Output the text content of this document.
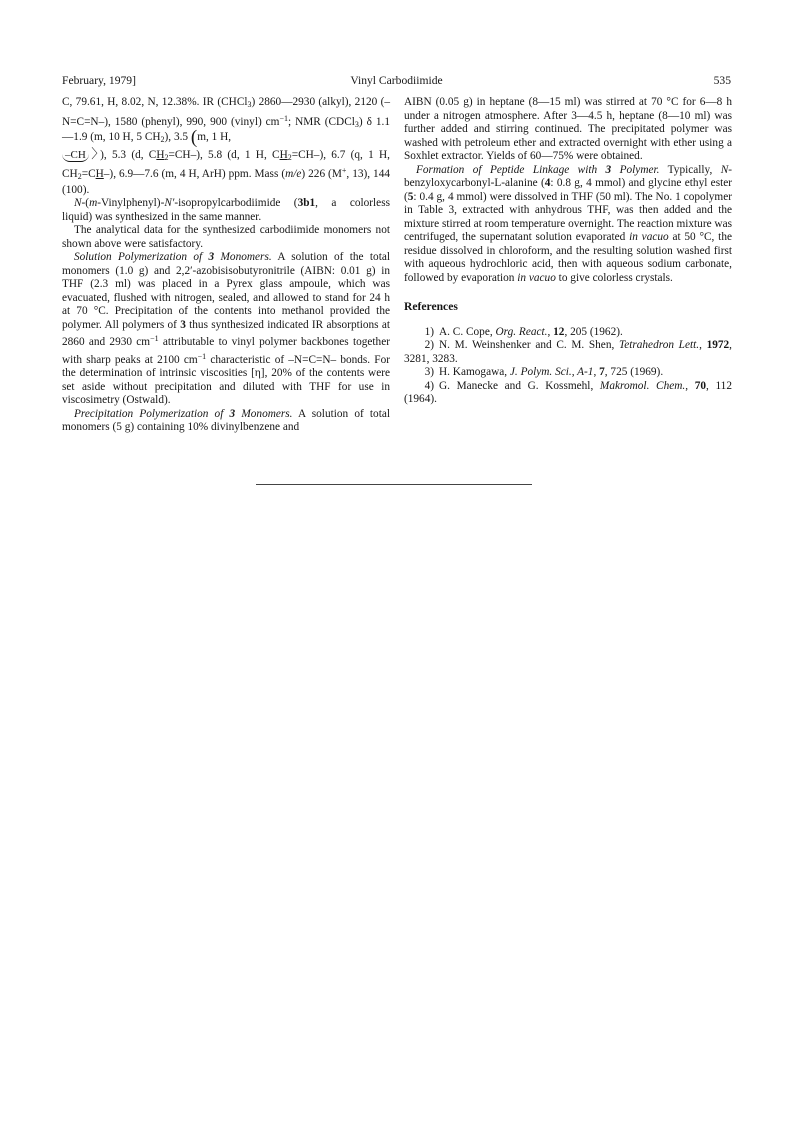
February, 1979]	Vinyl Carbodiimide	535

C, 79.61, H, 8.02, N, 12.38%. IR (CHCl$_3$) 2860—2930 (alkyl), 2120 (–N=C=N–), 1580 (phenyl), 990, 900 (vinyl) $cm^{-1}$; NMR (CDCl$_3$) δ 1.1—1.9 (m, 10 H, 5 $CH_2$), 3.5 (m, 1 H,
–CH 〉), 5.3 (d, $CH_2=CH-$), 5.8 (d, 1 H, $CH_2=CH-$), 6.7 (q, 1 H, $CH_2=CH-$), 6.9—7.6 (m, 4 H, ArH) ppm. Mass (m/e) 226 (M+, 13), 144 (100).

N-(m-Vinylphenyl)-N′-isopropylcarbodiimide (3b1, a colorless liquid) was synthesized in the same manner.

The analytical data for the synthesized carbodiimide monomers not shown above were satisfactory.

Solution Polymerization of 3 Monomers. A solution of the total monomers (1.0 g) and 2,2′-azobisisobutyronitrile (AIBN: 0.01 g) in THF (2.3 ml) was placed in a Pyrex glass ampoule, which was evacuated, flushed with nitrogen, sealed, and allowed to stand for 24 h at 70 °C. Precipitation of the contents into methanol provided the polymer. All polymers of 3 thus synthesized indicated IR absorptions at 2860 and 2930 $cm^{-1}$ attributable to vinyl polymer backbones together with sharp peaks at 2100 $cm^{-1}$ characteristic of –N=C=N– bonds. For the determination of intrinsic viscosities [η], 20% of the contents were set aside without precipitation and diluted with THF for use in viscosimetry (Ostwald).

Precipitation Polymerization of 3 Monomers. A solution of total monomers (5 g) containing 10% divinylbenzene and

AIBN (0.05 g) in heptane (8—15 ml) was stirred at 70 °C for 6—8 h under a nitrogen atmosphere. After 3—4.5 h, heptane (8—10 ml) was further added and stirring continued. The precipitated polymer was washed with petroleum ether and extracted overnight with ether using a Soxhlet extractor. Yields of 60—75% were obtained.

Formation of Peptide Linkage with 3 Polymer. Typically, N-benzyloxycarbonyl-L-alanine (4: 0.8 g, 4 mmol) and glycine ethyl ester (5: 0.4 g, 4 mmol) were dissolved in THF (50 ml). The No. 1 copolymer in Table 3, extracted with anhydrous THF, was then added and the mixture stirred at room temperature overnight. The reaction mixture was centrifuged, the supernatant solution evaporated in vacuo at 50 °C, the residue dissolved in chloroform, and the resulting solution washed first with aqueous hydrochloric acid, then with aqueous sodium carbonate, followed by evaporation in vacuo to give colorless crystals.

References

1) A. C. Cope, Org. React., 12, 205 (1962).

2) N. M. Weinshenker and C. M. Shen, Tetrahedron Lett., 1972, 3281, 3283.

3) H. Kamogawa, J. Polym. Sci., A-1, 7, 725 (1969).

4) G. Manecke and G. Kossmehl, Makromol. Chem., 70, 112 (1964).
